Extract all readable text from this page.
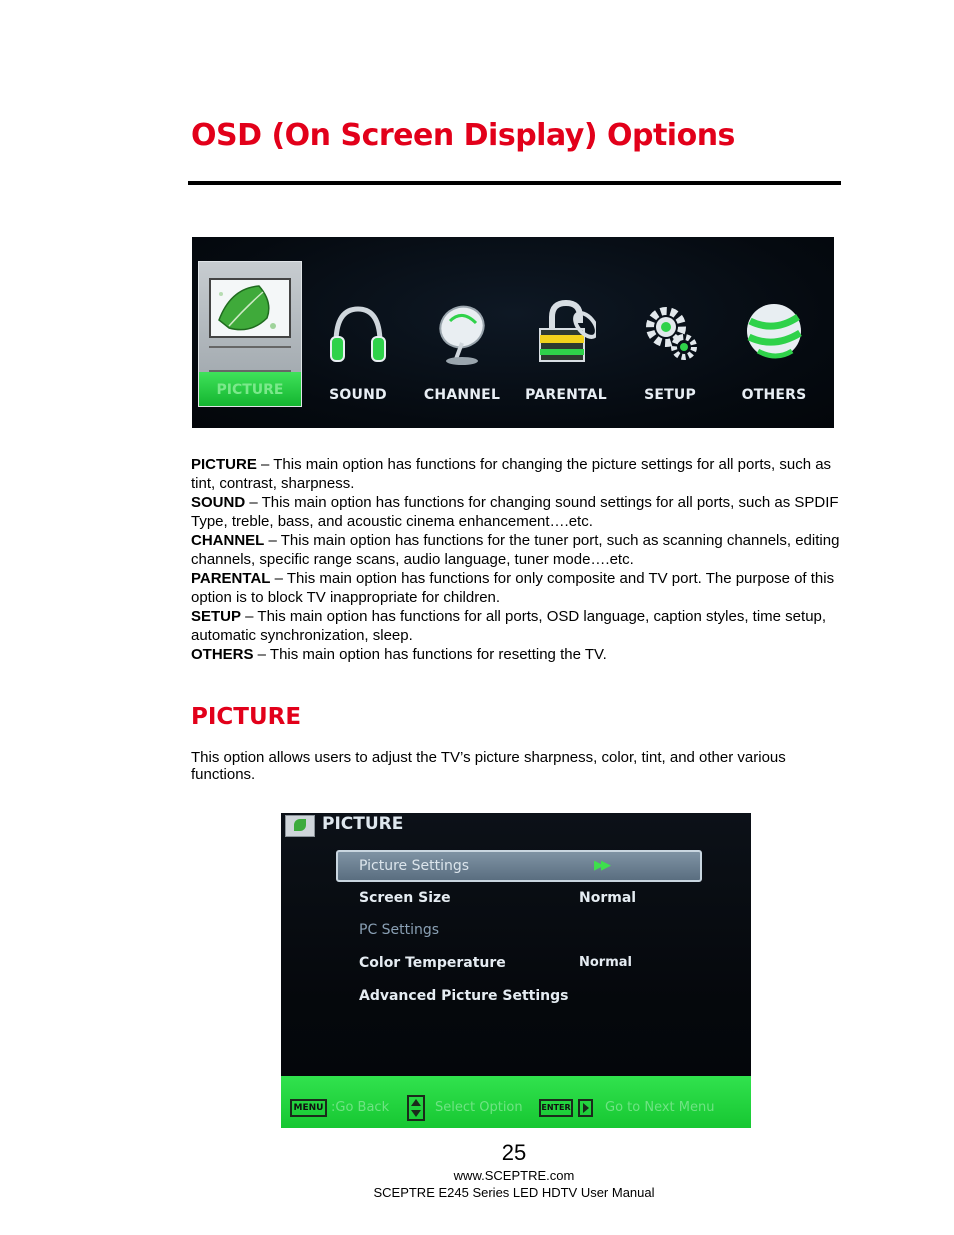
OSD (On Screen Display) Options
PICTURE	SOUND	CHANNEL	PARENTAL	SETUP	OTHERS

PICTURE – This main option has functions for changing the picture settings for all ports, such as tint, contrast, sharpness.

SOUND – This main option has functions for changing sound settings for all ports, such as SPDIF Type, treble, bass, and acoustic cinema enhancement….etc.

CHANNEL – This main option has functions for the tuner port, such as scanning channels, editing channels, specific range scans, audio language, tuner mode….etc.

PARENTAL – This main option has functions for only composite and TV port. The purpose of this option is to block TV inappropriate for children.

SETUP – This main option has functions for all ports, OSD language, caption styles, time setup, automatic synchronization, sleep.

OTHERS – This main option has functions for resetting the TV.

PICTURE
This option allows users to adjust the TV’s picture sharpness, color, tint, and other various functions.
PICTURE
Picture Settings	▶▶
Screen Size	Normal
PC Settings
Color Temperature	Normal
Advanced Picture Settings
MENU :Go Back	Select Option ENTER	Go to Next Menu
25
www.SCEPTRE.com
SCEPTRE E245 Series LED HDTV User Manual
